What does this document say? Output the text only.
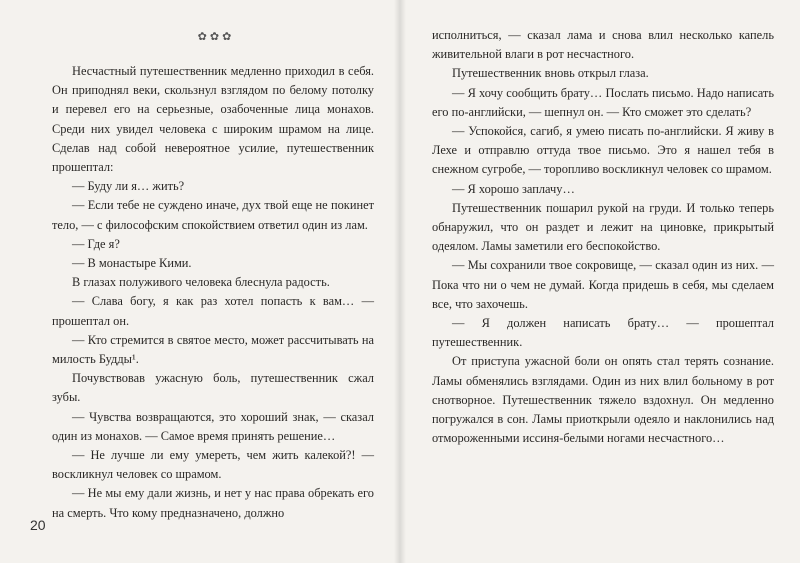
✿✿✿

Несчастный путешественник медленно приходил в себя. Он приподнял веки, скользнул взглядом по белому потолку и перевел его на серьезные, озабоченные лица монахов. Среди них увидел человека с широким шрамом на лице. Сделав над собой невероятное усилие, путешественник прошептал:

— Буду ли я… жить?

— Если тебе не суждено иначе, дух твой еще не покинет тело, — с философским спокойствием ответил один из лам.

— Где я?

— В монастыре Кими.

В глазах полуживого человека блеснула радость.

— Слава богу, я как раз хотел попасть к вам… — прошептал он.

— Кто стремится в святое место, может рассчитывать на милость Будды¹.

Почувствовав ужасную боль, путешественник сжал зубы.

— Чувства возвращаются, это хороший знак, — сказал один из монахов. — Самое время принять решение…

— Не лучше ли ему умереть, чем жить калекой?! — воскликнул человек со шрамом.

— Не мы ему дали жизнь, и нет у нас права обрекать его на смерть. Что кому предназначено, должно

20

исполниться, — сказал лама и снова влил несколько капель живительной влаги в рот несчастного.

Путешественник вновь открыл глаза.

— Я хочу сообщить брату… Послать письмо. Надо написать его по-английски, — шепнул он. — Кто сможет это сделать?

— Успокойся, сагиб, я умею писать по-английски. Я живу в Лехе и отправлю оттуда твое письмо. Это я нашел тебя в снежном сугробе, — торопливо воскликнул человек со шрамом.

— Я хорошо заплачу…

Путешественник пошарил рукой на груди. И только теперь обнаружил, что он раздет и лежит на циновке, прикрытый одеялом. Ламы заметили его беспокойство.

— Мы сохранили твое сокровище, — сказал один из них. — Пока что ни о чем не думай. Когда придешь в себя, мы сделаем все, что захочешь.

— Я должен написать брату… — прошептал путешественник.

От приступа ужасной боли он опять стал терять сознание. Ламы обменялись взглядами. Один из них влил больному в рот снотворное. Путешественник тяжело вздохнул. Он медленно погружался в сон. Ламы приоткрыли одеяло и наклонились над отмороженными иссиня-белыми ногами несчастного…
